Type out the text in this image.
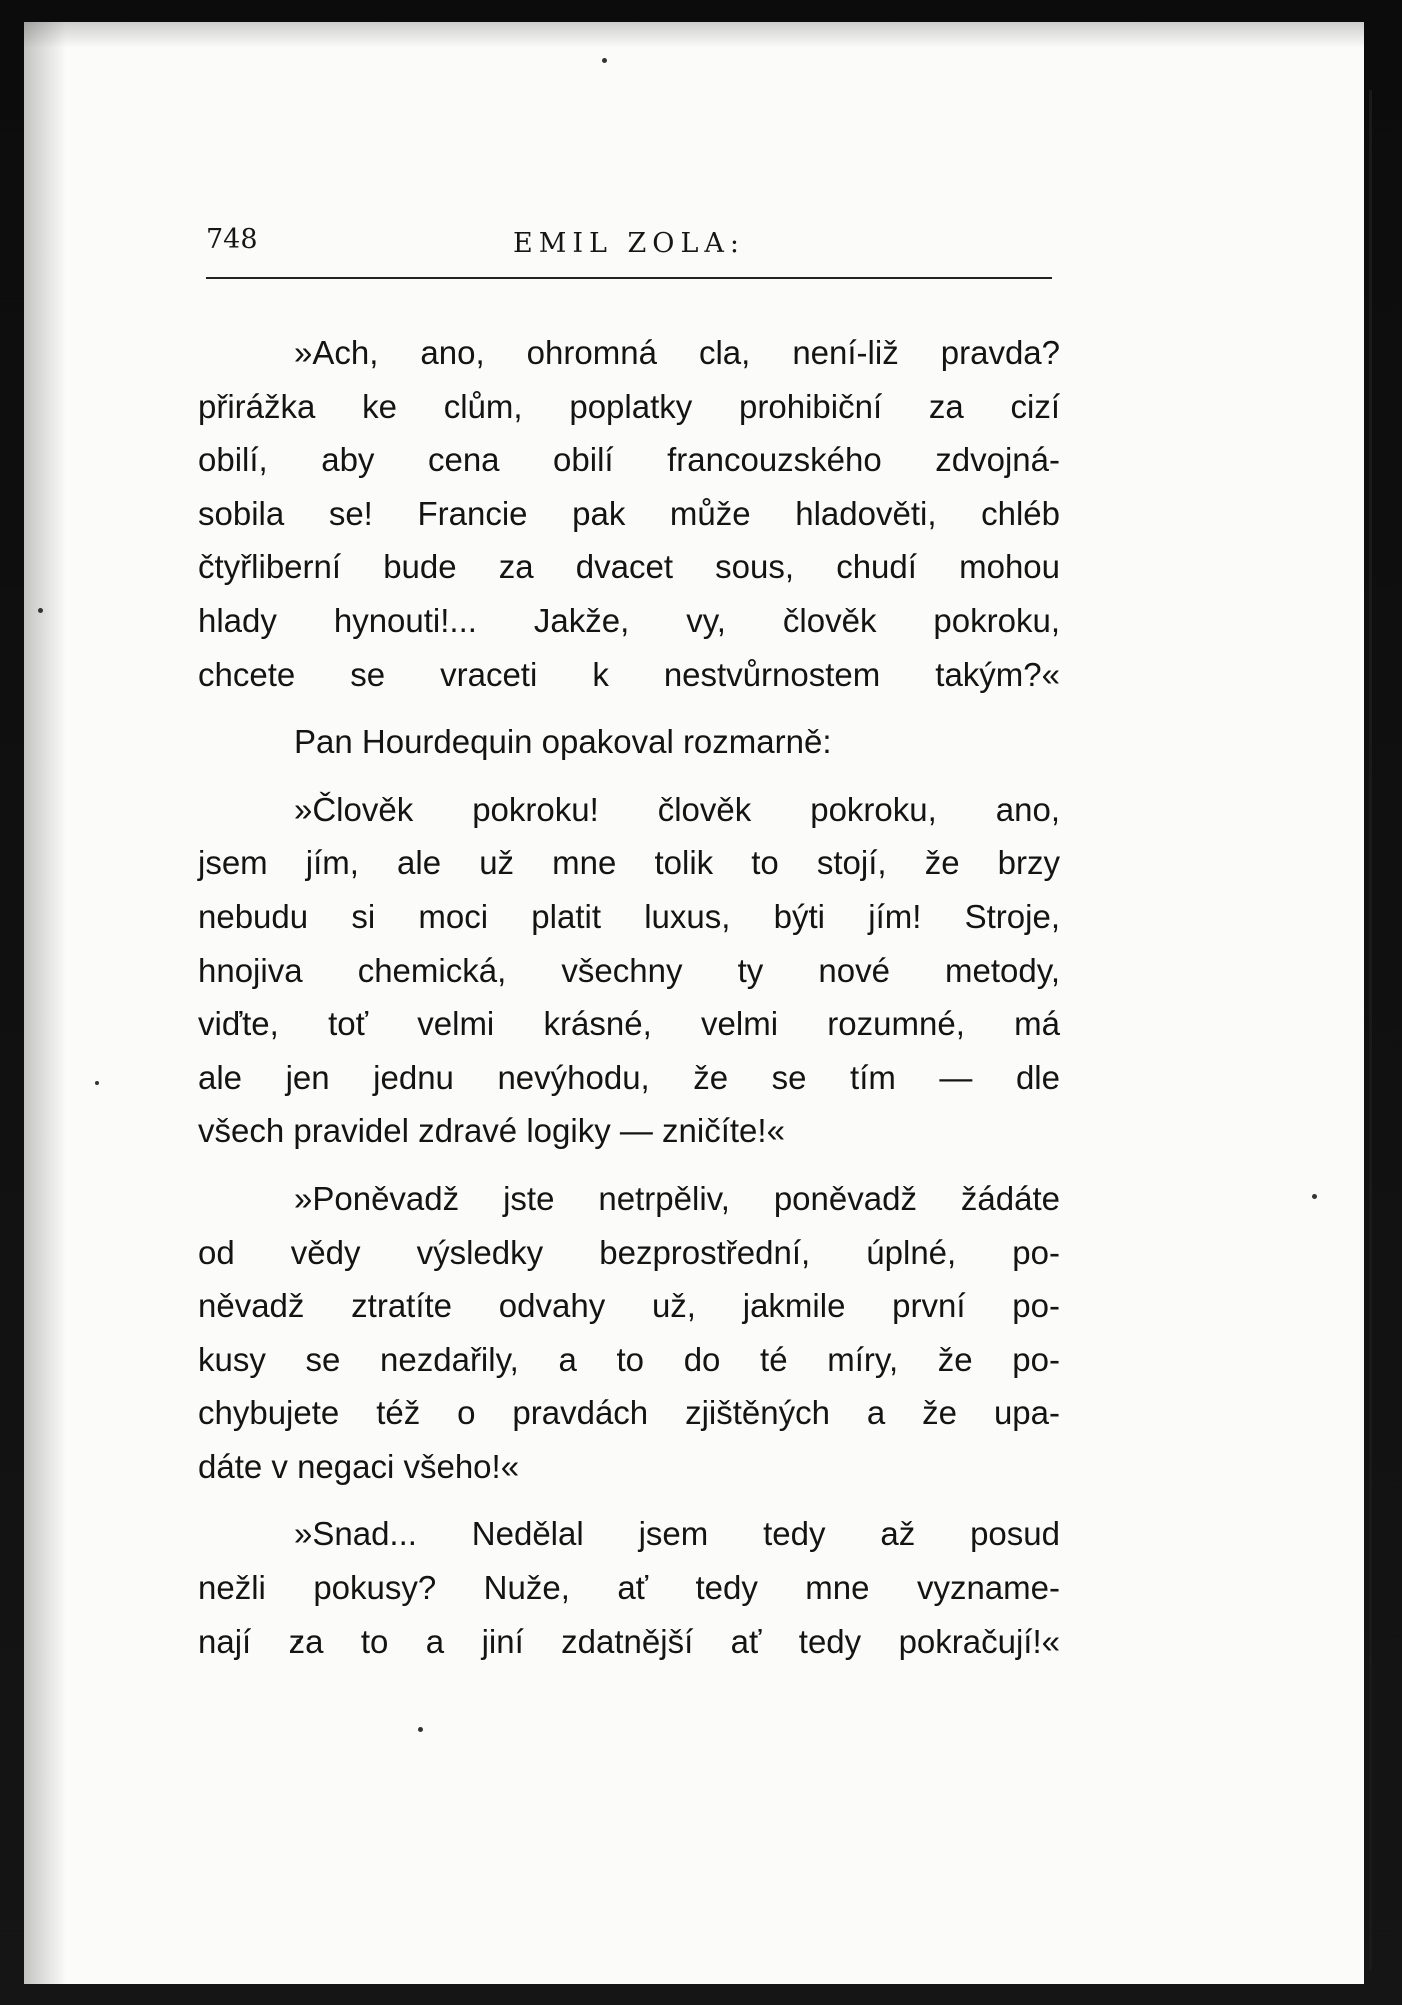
748	EMIL ZOLA:
»Ach, ano, ohromná cla, není-liž pravda?
přirážka ke clům, poplatky prohibiční za cizí
obilí, aby cena obilí francouzského zdvojná-
sobila se! Francie pak může hladověti, chléb
čtyřliberní bude za dvacet sous, chudí mohou
hlady hynouti!... Jakže, vy, člověk pokroku,
chcete se vraceti k nestvůrnostem takým?«
Pan Hourdequin opakoval rozmarně:
»Člověk pokroku! člověk pokroku, ano,
jsem jím, ale už mne tolik to stojí, že brzy
nebudu si moci platit luxus, býti jím! Stroje,
hnojiva chemická, všechny ty nové metody,
viďte, toť velmi krásné, velmi rozumné, má
ale jen jednu nevýhodu, že se tím — dle
všech pravidel zdravé logiky — zničíte!«
»Poněvadž jste netrpěliv, poněvadž žádáte
od vědy výsledky bezprostřední, úplné, po-
něvadž ztratíte odvahy už, jakmile první po-
kusy se nezdařily, a to do té míry, že po-
chybujete též o pravdách zjištěných a že upa-
dáte v negaci všeho!«
»Snad... Nedělal jsem tedy až posud
nežli pokusy? Nuže, ať tedy mne vyzname-
nají za to a jiní zdatnější ať tedy pokračují!«
